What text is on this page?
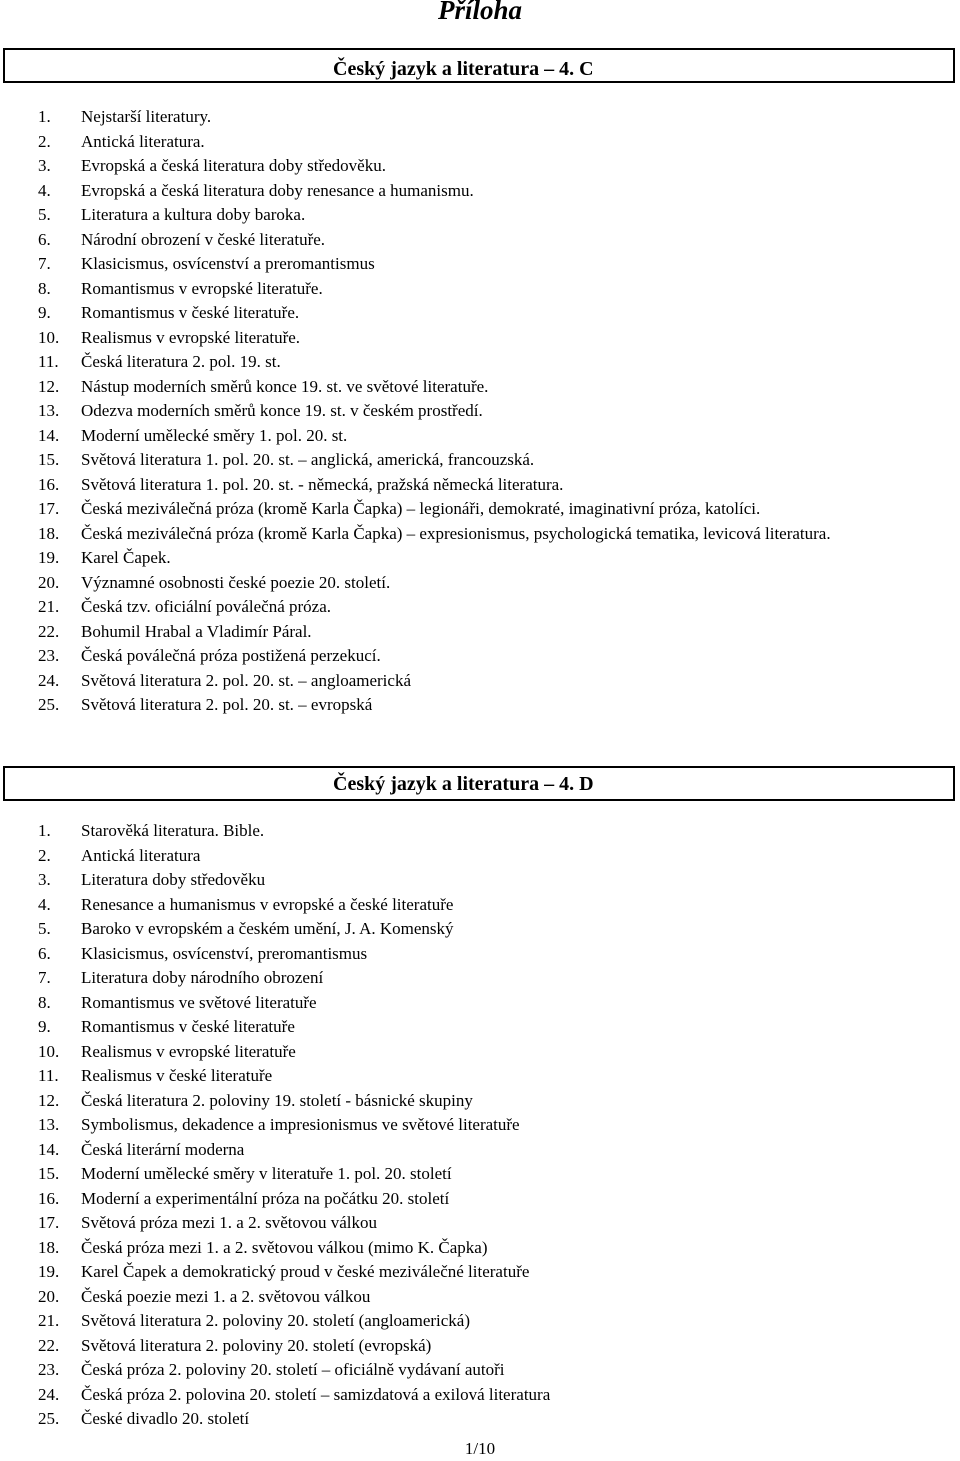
Příloha
Český jazyk a literatura – 4. C
1.	Nejstarší literatury.
2.	Antická literatura.
3.	Evropská a česká literatura doby středověku.
4.	Evropská a česká literatura doby renesance a humanismu.
5.	Literatura a kultura doby baroka.
6.	Národní obrození v české literatuře.
7.	Klasicismus, osvícenství a preromantismus
8.	Romantismus v evropské literatuře.
9.	Romantismus v české literatuře.
10.	Realismus v evropské literatuře.
11.	Česká literatura 2. pol. 19. st.
12.	Nástup moderních směrů konce 19. st. ve světové literatuře.
13.	Odezva moderních směrů konce 19. st. v českém prostředí.
14.	Moderní umělecké směry 1. pol. 20. st.
15.	Světová literatura 1. pol. 20. st. – anglická, americká, francouzská.
16.	Světová literatura 1. pol. 20. st. - německá, pražská německá literatura.
17.	Česká meziválečná próza (kromě Karla Čapka) – legionáři, demokraté, imaginativní próza, katolíci.
18.	Česká meziválečná próza (kromě Karla Čapka) – expresionismus, psychologická tematika, levicová literatura.
19.	Karel Čapek.
20.	Významné osobnosti české poezie 20. století.
21.	Česká tzv. oficiální poválečná próza.
22.	Bohumil Hrabal a Vladimír Páral.
23.	Česká poválečná próza postižená perzekucí.
24.	Světová literatura 2. pol. 20. st. – angloamerická
25.	Světová literatura 2. pol. 20. st. – evropská
Český jazyk a literatura – 4. D
1.	Starověká literatura. Bible.
2.	Antická literatura
3.	Literatura doby středověku
4.	Renesance a humanismus v evropské a české literatuře
5.	Baroko v evropském a českém umění, J. A. Komenský
6.	Klasicismus, osvícenství, preromantismus
7.	Literatura doby národního obrození
8.	Romantismus ve světové literatuře
9.	Romantismus v české literatuře
10.	Realismus v evropské literatuře
11.	Realismus v české literatuře
12.	Česká literatura 2. poloviny 19. století - básnické skupiny
13.	Symbolismus, dekadence a impresionismus ve světové literatuře
14.	Česká literární moderna
15.	Moderní umělecké směry v literatuře 1. pol. 20. století
16.	Moderní a experimentální próza na počátku 20. století
17.	Světová próza mezi 1. a 2. světovou válkou
18.	Česká próza mezi 1. a 2. světovou válkou (mimo K. Čapka)
19.	Karel Čapek a demokratický proud v české meziválečné literatuře
20.	Česká poezie mezi 1. a 2. světovou válkou
21.	Světová literatura 2. poloviny 20. století (angloamerická)
22.	Světová literatura 2. poloviny 20. století (evropská)
23.	Česká próza 2. poloviny 20. století – oficiálně vydávaní autoři
24.	Česká próza 2. polovina 20. století – samizdatová a exilová literatura
25.	České divadlo 20. století
1/10
